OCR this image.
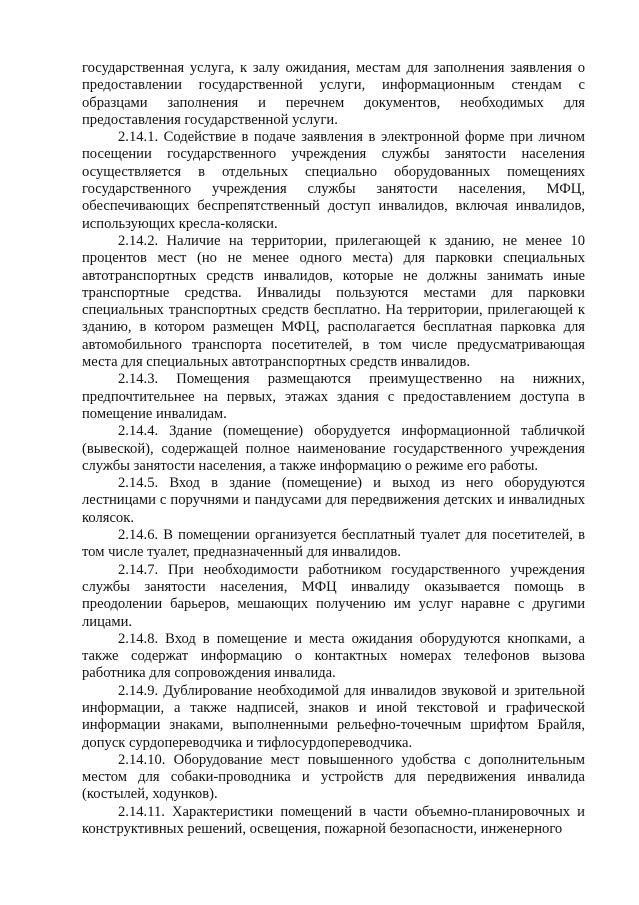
государственная услуга, к залу ожидания, местам для заполнения заявления о предоставлении государственной услуги, информационным стендам с образцами заполнения и перечнем документов, необходимых для предоставления государственной услуги.

2.14.1. Содействие в подаче заявления в электронной форме при личном посещении государственного учреждения службы занятости населения осуществляется в отдельных специально оборудованных помещениях государственного учреждения службы занятости населения, МФЦ, обеспечивающих беспрепятственный доступ инвалидов, включая инвалидов, использующих кресла-коляски.

2.14.2. Наличие на территории, прилегающей к зданию, не менее 10 процентов мест (но не менее одного места) для парковки специальных автотранспортных средств инвалидов, которые не должны занимать иные транспортные средства. Инвалиды пользуются местами для парковки специальных транспортных средств бесплатно. На территории, прилегающей к зданию, в котором размещен МФЦ, располагается бесплатная парковка для автомобильного транспорта посетителей, в том числе предусматривающая места для специальных автотранспортных средств инвалидов.

2.14.3. Помещения размещаются преимущественно на нижних, предпочтительнее на первых, этажах здания с предоставлением доступа в помещение инвалидам.

2.14.4. Здание (помещение) оборудуется информационной табличкой (вывеской), содержащей полное наименование государственного учреждения службы занятости населения, а также информацию о режиме его работы.

2.14.5. Вход в здание (помещение) и выход из него оборудуются лестницами с поручнями и пандусами для передвижения детских и инвалидных колясок.

2.14.6. В помещении организуется бесплатный туалет для посетителей, в том числе туалет, предназначенный для инвалидов.

2.14.7. При необходимости работником государственного учреждения службы занятости населения, МФЦ инвалиду оказывается помощь в преодолении барьеров, мешающих получению им услуг наравне с другими лицами.

2.14.8. Вход в помещение и места ожидания оборудуются кнопками, а также содержат информацию о контактных номерах телефонов вызова работника для сопровождения инвалида.

2.14.9. Дублирование необходимой для инвалидов звуковой и зрительной информации, а также надписей, знаков и иной текстовой и графической информации знаками, выполненными рельефно-точечным шрифтом Брайля, допуск сурдопереводчика и тифлосурдопереводчика.

2.14.10. Оборудование мест повышенного удобства с дополнительным местом для собаки-проводника и устройств для передвижения инвалида (костылей, ходунков).

2.14.11. Характеристики помещений в части объемно-планировочных и конструктивных решений, освещения, пожарной безопасности, инженерного
